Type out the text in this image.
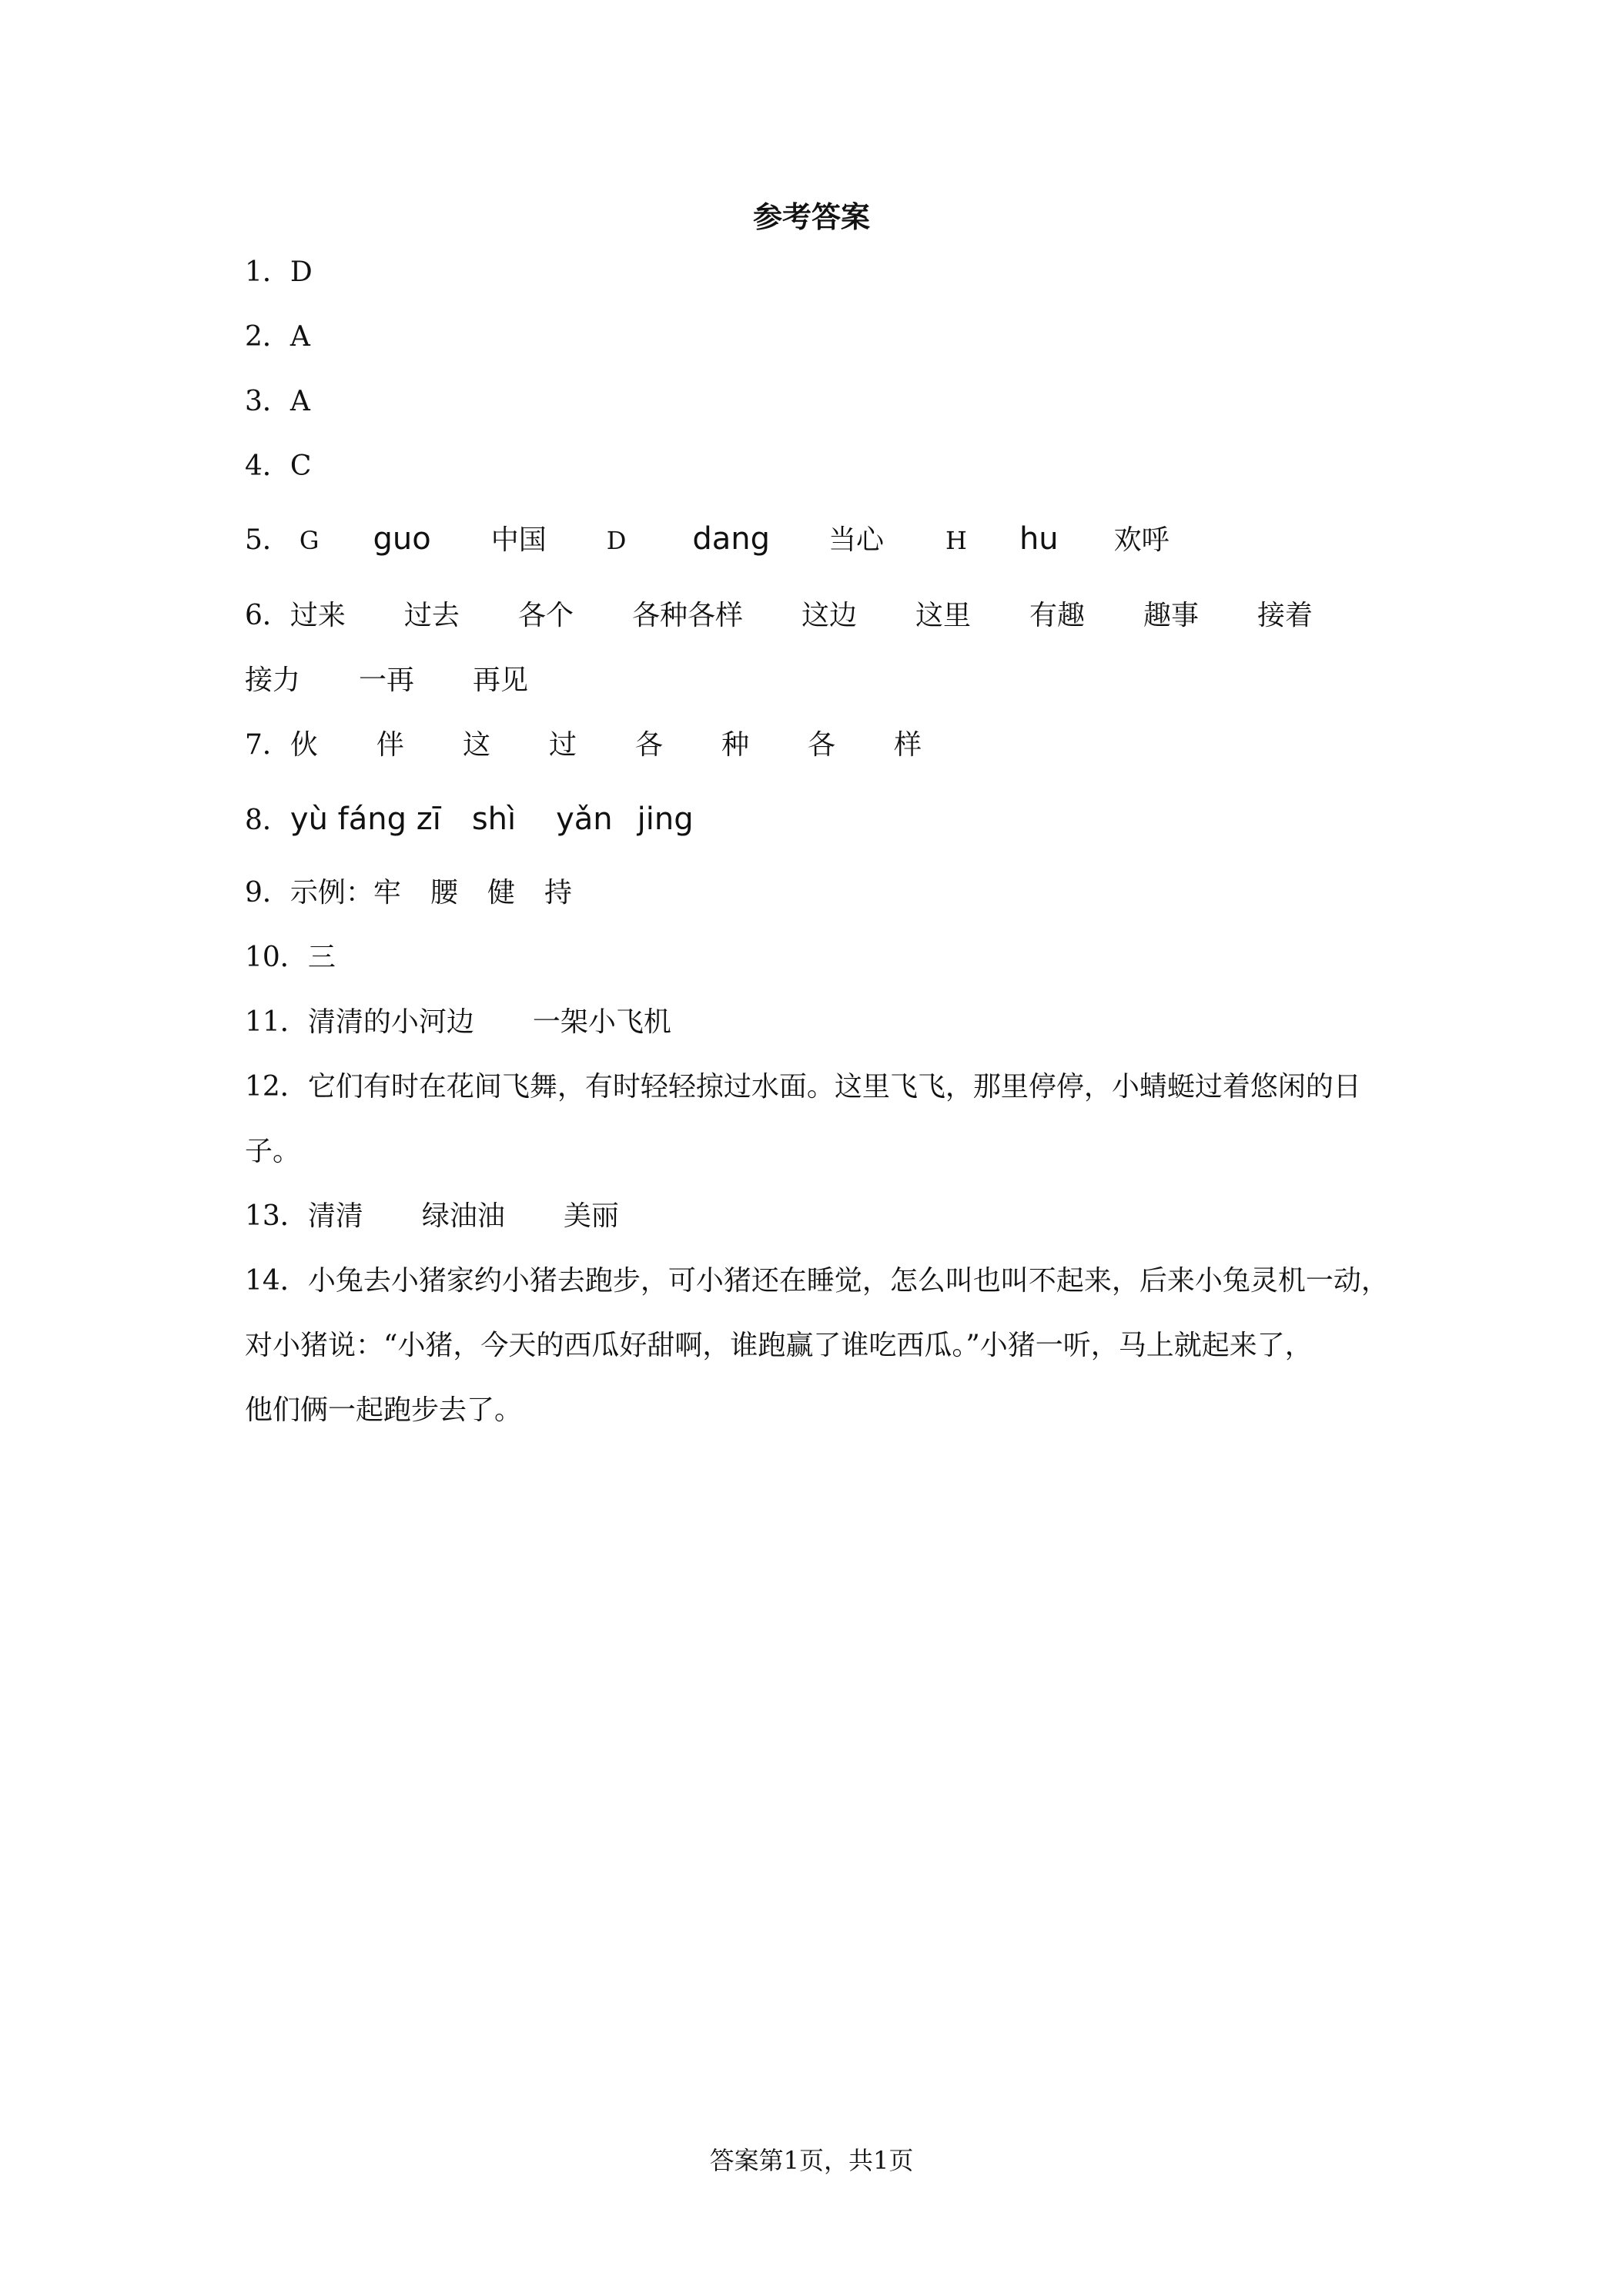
参考答案
1．D
2．A
3．A
4．C
5． G guo 中国 D dang 当心	H hu 欢呼
6．过来 过去 各个 各种各样 这边 这里 有趣 趣事 接着
接力 一再 再见
7．伙 伴 这 过 各 种 各 样
8．yù fáng zī shì yǎn jing
9．示例：牢 腰 健 持
10．三
11．清清的小河边 一架小飞机
12．它们有时在花间飞舞，有时轻轻掠过水面。这里飞飞，那里停停，小蜻蜓过着悠闲的日
子。
13．清清 绿油油 美丽
14．小兔去小猪家约小猪去跑步，可小猪还在睡觉，怎么叫也叫不起来，后来小兔灵机一动，
对小猪说：“小猪，今天的西瓜好甜啊，谁跑赢了谁吃西瓜。”小猪一听，马上就起来了，
他们俩一起跑步去了。
答案第1页，共1页
